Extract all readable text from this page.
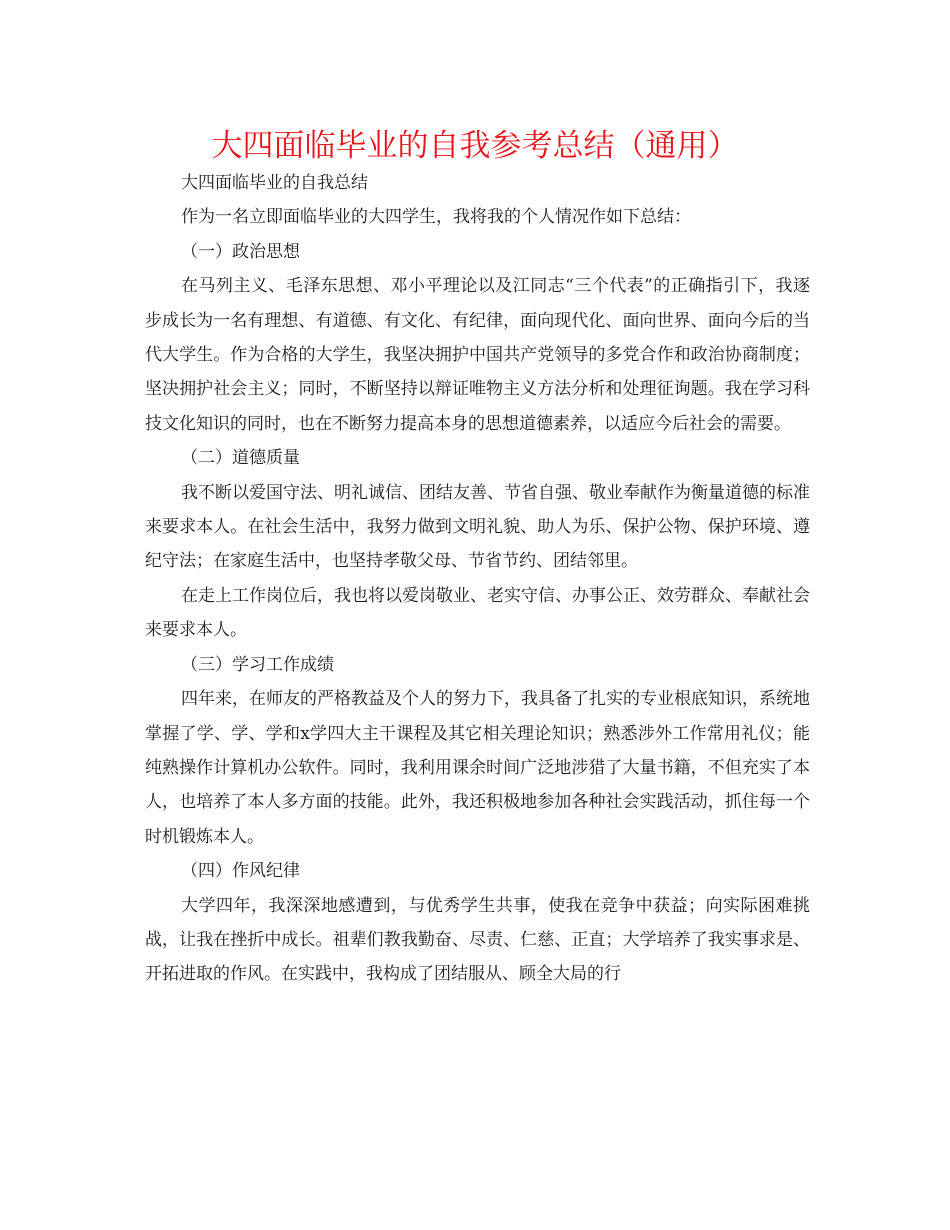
大四面临毕业的自我参考总结（通用）

大四面临毕业的自我总结

作为一名立即面临毕业的大四学生，我将我的个人情况作如下总结：

（一）政治思想

在马列主义、毛泽东思想、邓小平理论以及江同志“三个代表”的正确指引下，我逐步成长为一名有理想、有道德、有文化、有纪律，面向现代化、面向世界、面向今后的当代大学生。作为合格的大学生，我坚决拥护中国共产党领导的多党合作和政治协商制度；坚决拥护社会主义；同时，不断坚持以辩证唯物主义方法分析和处理征询题。我在学习科技文化知识的同时，也在不断努力提高本身的思想道德素养，以适应今后社会的需要。

（二）道德质量

我不断以爱国守法、明礼诚信、团结友善、节省自强、敬业奉献作为衡量道德的标准来要求本人。在社会生活中，我努力做到文明礼貌、助人为乐、保护公物、保护环境、遵纪守法；在家庭生活中，也坚持孝敬父母、节省节约、团结邻里。

在走上工作岗位后，我也将以爱岗敬业、老实守信、办事公正、效劳群众、奉献社会来要求本人。

（三）学习工作成绩

四年来，在师友的严格教益及个人的努力下，我具备了扎实的专业根底知识，系统地掌握了学、学、学和x学四大主干课程及其它相关理论知识；熟悉涉外工作常用礼仪；能纯熟操作计算机办公软件。同时，我利用课余时间广泛地涉猎了大量书籍，不但充实了本人，也培养了本人多方面的技能。此外，我还积极地参加各种社会实践活动，抓住每一个时机锻炼本人。

（四）作风纪律

大学四年，我深深地感遭到，与优秀学生共事，使我在竞争中获益；向实际困难挑战，让我在挫折中成长。祖辈们教我勤奋、尽责、仁慈、正直；大学培养了我实事求是、开拓进取的作风。在实践中，我构成了团结服从、顾全大局的行
